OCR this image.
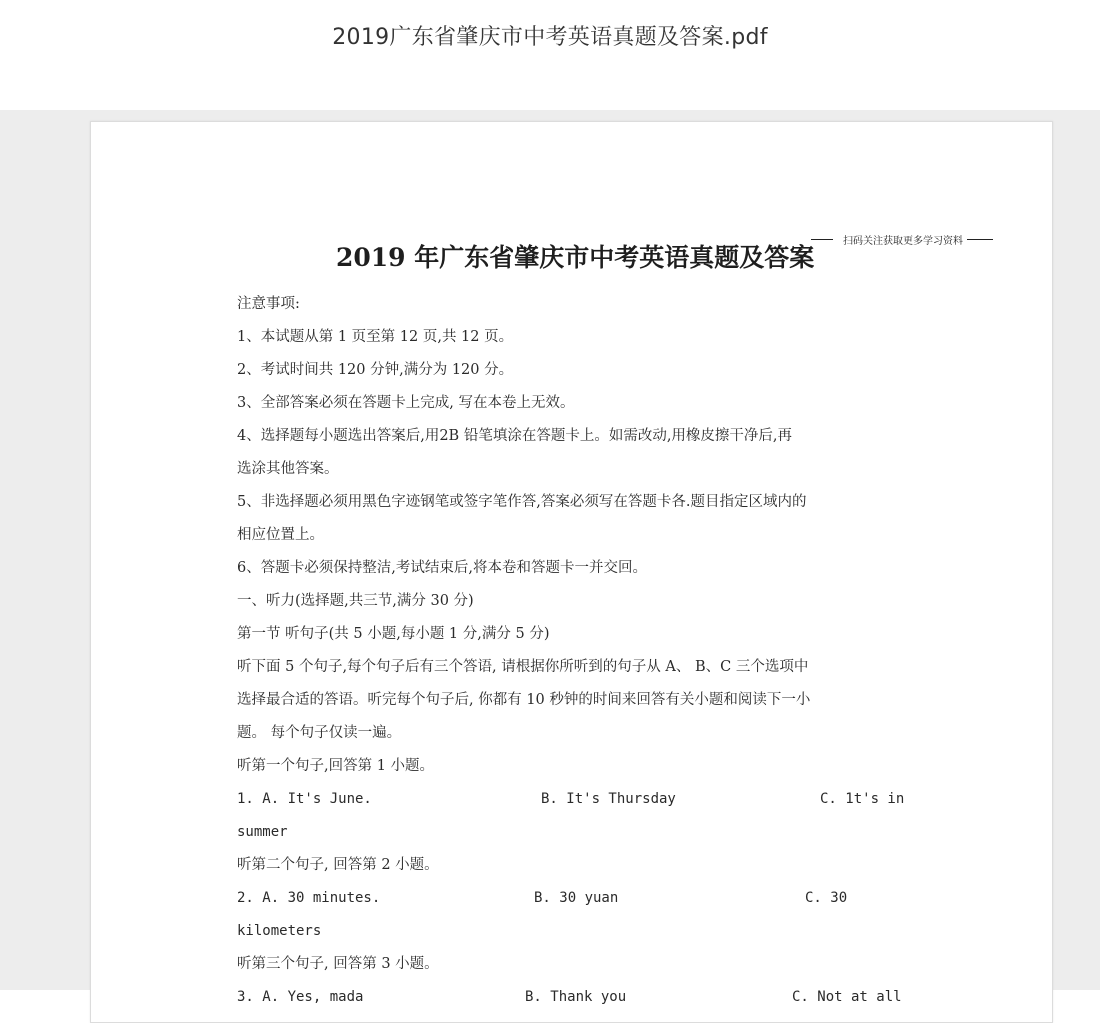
2019广东省肇庆市中考英语真题及答案.pdf
2019 年广东省肇庆市中考英语真题及答案
扫码关注获取更多学习资料
注意事项:
1、本试题从第 1 页至第 12 页,共 12 页。
2、考试时间共 120 分钟,满分为 120 分。
3、全部答案必须在答题卡上完成, 写在本卷上无效。
4、选择题每小题选出答案后,用2B 铅笔填涂在答题卡上。如需改动,用橡皮擦干净后,再
选涂其他答案。
5、非选择题必须用黑色字迹钢笔或签字笔作答,答案必须写在答题卡各.题目指定区域内的
相应位置上。
6、答题卡必须保持整洁,考试结束后,将本卷和答题卡一并交回。
一、听力(选择题,共三节,满分 30 分)
第一节 听句子(共 5 小题,每小题 1 分,满分 5 分)
听下面 5 个句子,每个句子后有三个答语, 请根据你所听到的句子从 A、 B、C 三个选项中
选择最合适的答语。听完每个句子后, 你都有 10 秒钟的时间来回答有关小题和阅读下一小
题。 每个句子仅读一遍。
听第一个句子,回答第 1 小题。
1. A. It's June.	B. It's Thursday	C. 1t's in
summer
听第二个句子, 回答第 2 小题。
2. A. 30 minutes.	B. 30 yuan	C. 30
kilometers
听第三个句子, 回答第 3 小题。
3. A. Yes, mada	B. Thank you	C. Not at all
